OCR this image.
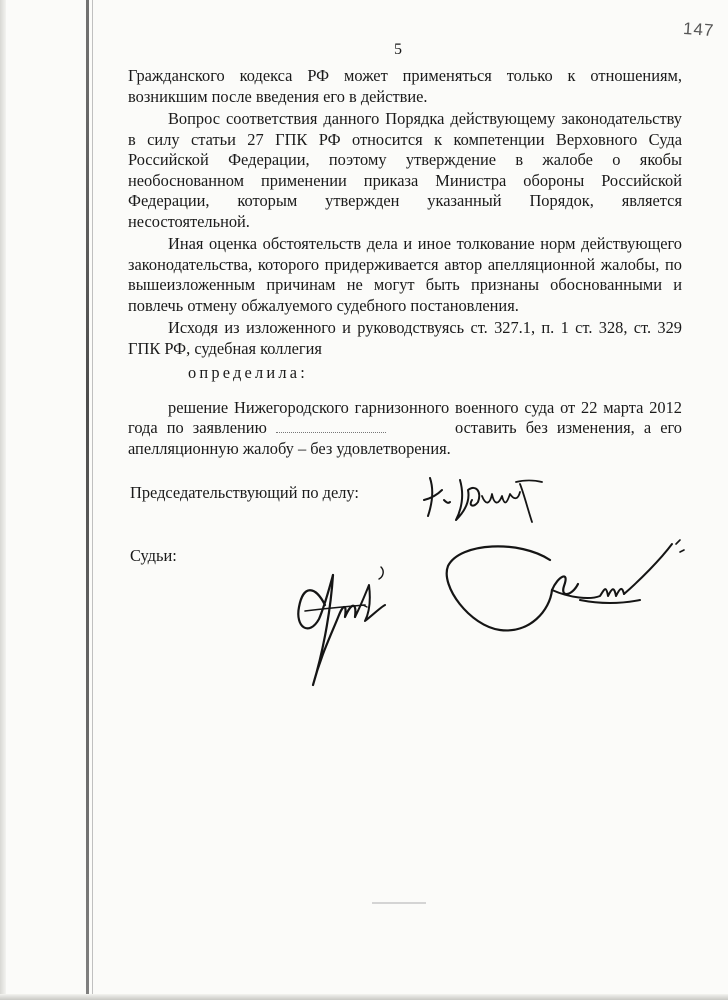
147
5

Гражданского кодекса РФ может применяться только к отношениям, возникшим после введения его в действие.

Вопрос соответствия данного Порядка действующему законодательству в силу статьи 27 ГПК РФ относится к компетенции Верховного Суда Российской Федерации, поэтому утверждение в жалобе о якобы необоснованном применении приказа Министра обороны Российской Федерации, которым утвержден указанный Порядок, является несостоятельной.

Иная оценка обстоятельств дела и иное толкование норм действующего законодательства, которого придерживается автор апелляционной жалобы, по вышеизложенным причинам не могут быть признаны обоснованными и повлечь отмену обжалуемого судебного постановления.

Исходя из изложенного и руководствуясь ст. 327.1, п. 1 ст. 328, ст. 329 ГПК РФ, судебная коллегия

определила:

решение Нижегородского гарнизонного военного суда от 22 марта 2012 года по заявлению	оставить без изменения, а его апелляционную жалобу – без удовлетворения.

Председательствующий по делу:
Судьи:
